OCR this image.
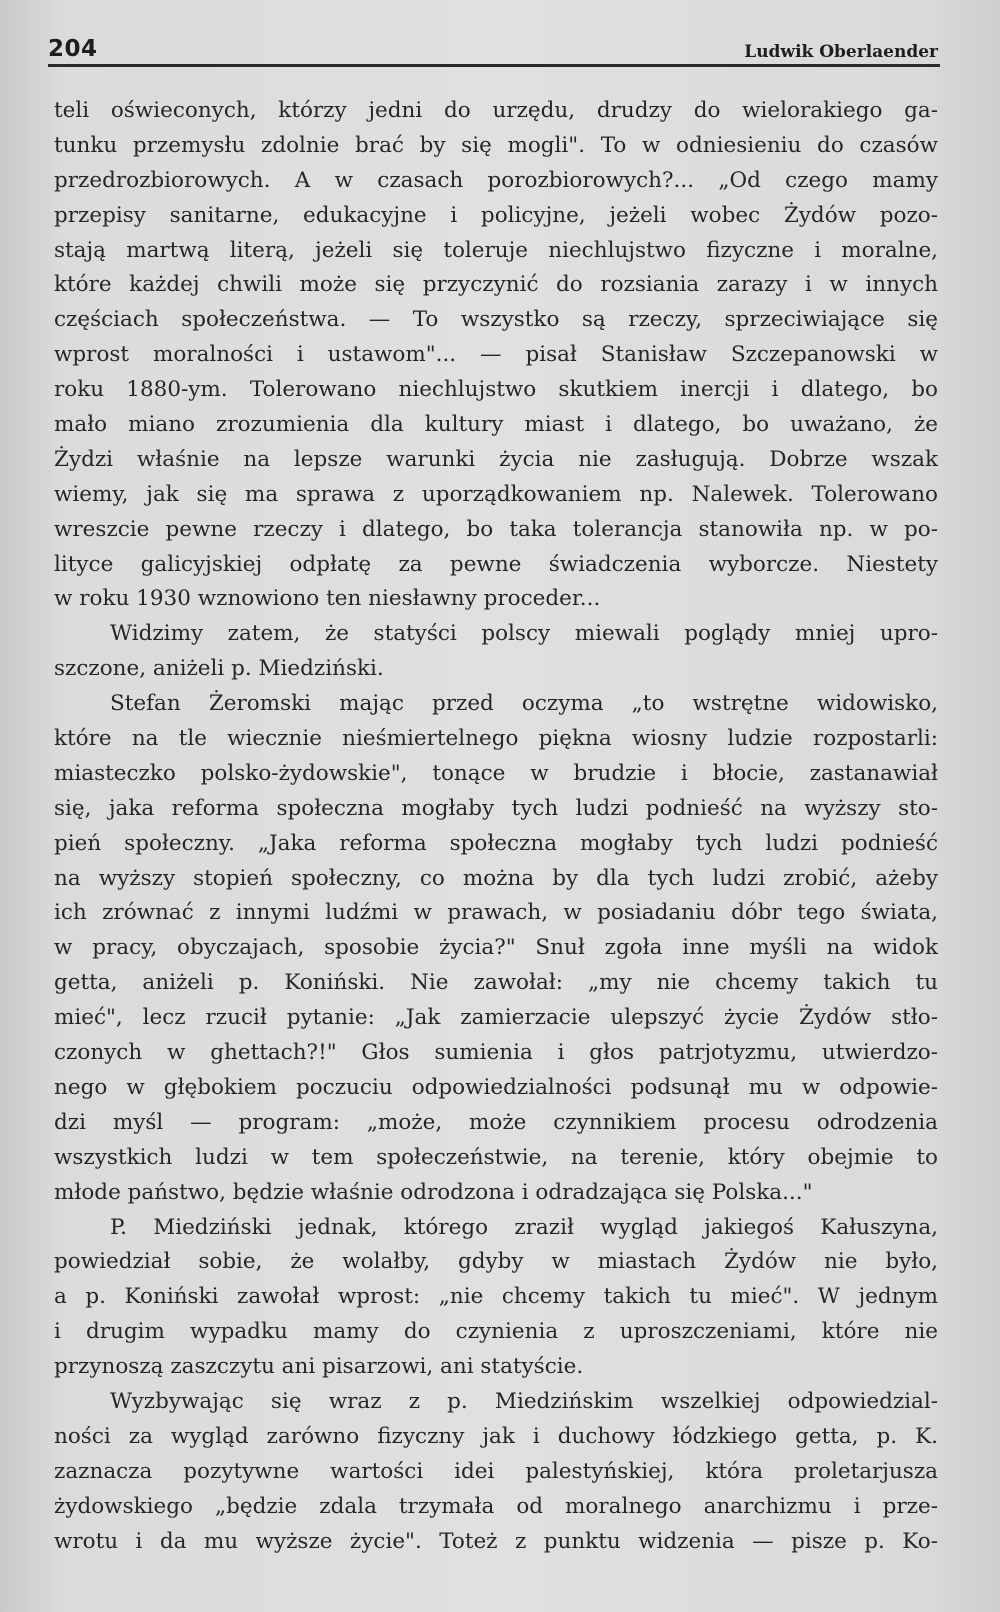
204	Ludwik Oberlaender
teli oświeconych, którzy jedni do urzędu, drudzy do wielorakiego ga-
tunku przemysłu zdolnie brać by się mogli". To w odniesieniu do czasów
przedrozbiorowych. A w czasach porozbiorowych?... „Od czego mamy
przepisy sanitarne, edukacyjne i policyjne, jeżeli wobec Żydów pozo-
stają martwą literą, jeżeli się toleruje niechlujstwo fizyczne i moralne,
które każdej chwili może się przyczynić do rozsiania zarazy i w innych
częściach społeczeństwa. — To wszystko są rzeczy, sprzeciwiające się
wprost moralności i ustawom"... — pisał Stanisław Szczepanowski w
roku 1880-ym. Tolerowano niechlujstwo skutkiem inercji i dlatego, bo
mało miano zrozumienia dla kultury miast i dlatego, bo uważano, że
Żydzi właśnie na lepsze warunki życia nie zasługują. Dobrze wszak
wiemy, jak się ma sprawa z uporządkowaniem np. Nalewek. Tolerowano
wreszcie pewne rzeczy i dlatego, bo taka tolerancja stanowiła np. w po-
lityce galicyjskiej odpłatę za pewne świadczenia wyborcze. Niestety
w roku 1930 wznowiono ten niesławny proceder...
Widzimy zatem, że statyści polscy miewali poglądy mniej upro-
szczone, aniżeli p. Miedziński.
Stefan Żeromski mając przed oczyma „to wstrętne widowisko,
które na tle wiecznie nieśmiertelnego piękna wiosny ludzie rozpostarli:
miasteczko polsko-żydowskie", tonące w brudzie i błocie, zastanawiał
się, jaka reforma społeczna mogłaby tych ludzi podnieść na wyższy sto-
pień społeczny. „Jaka reforma społeczna mogłaby tych ludzi podnieść
na wyższy stopień społeczny, co można by dla tych ludzi zrobić, ażeby
ich zrównać z innymi ludźmi w prawach, w posiadaniu dóbr tego świata,
w pracy, obyczajach, sposobie życia?" Snuł zgoła inne myśli na widok
getta, aniżeli p. Koniński. Nie zawołał: „my nie chcemy takich tu
mieć", lecz rzucił pytanie: „Jak zamierzacie ulepszyć życie Żydów stło-
czonych w ghettach?!" Głos sumienia i głos patrjotyzmu, utwierdzo-
nego w głębokiem poczuciu odpowiedzialności podsunął mu w odpowie-
dzi myśl — program: „może, może czynnikiem procesu odrodzenia
wszystkich ludzi w tem społeczeństwie, na terenie, który obejmie to
młode państwo, będzie właśnie odrodzona i odradzająca się Polska..."
P. Miedziński jednak, którego zraził wygląd jakiegoś Kałuszyna,
powiedział sobie, że wolałby, gdyby w miastach Żydów nie było,
a p. Koniński zawołał wprost: „nie chcemy takich tu mieć". W jednym
i drugim wypadku mamy do czynienia z uproszczeniami, które nie
przynoszą zaszczytu ani pisarzowi, ani statyście.
Wyzbywając się wraz z p. Miedzińskim wszelkiej odpowiedzial-
ności za wygląd zarówno fizyczny jak i duchowy łódzkiego getta, p. K.
zaznacza pozytywne wartości idei palestyńskiej, która proletarjusza
żydowskiego „będzie zdala trzymała od moralnego anarchizmu i prze-
wrotu i da mu wyższe życie". Toteż z punktu widzenia — pisze p. Ko-
